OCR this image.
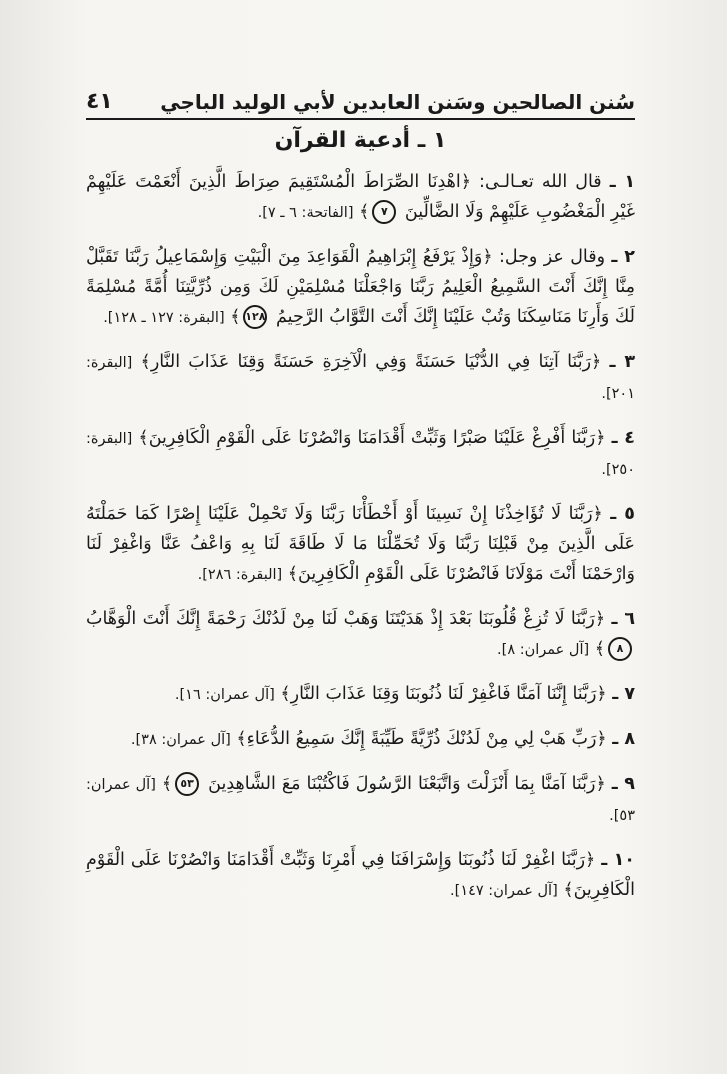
سُنن الصالحين وسَنن العابدين لأبي الوليد الباجي
٤١
١ ـ أدعية القرآن

١ ـ قال الله تعـالـى: ﴿اهْدِنَا الصِّرَاطَ الْمُسْتَقِيمَ صِرَاطَ الَّذِينَ أَنْعَمْتَ عَلَيْهِمْ غَيْرِ الْمَغْضُوبِ عَلَيْهِمْ وَلَا الضَّالِّينَ ٧﴾ [الفاتحة: ٦ ـ ٧].

٢ ـ وقال عز وجل: ﴿وَإِذْ يَرْفَعُ إِبْرَاهِيمُ الْقَوَاعِدَ مِنَ الْبَيْتِ وَإِسْمَاعِيلُ رَبَّنَا تَقَبَّلْ مِنَّا إِنَّكَ أَنْتَ السَّمِيعُ الْعَلِيمُ رَبَّنَا وَاجْعَلْنَا مُسْلِمَيْنِ لَكَ وَمِن ذُرِّيَّتِنَا أُمَّةً مُسْلِمَةً لَكَ وَأَرِنَا مَنَاسِكَنَا وَتُبْ عَلَيْنَا إِنَّكَ أَنْتَ التَّوَّابُ الرَّحِيمُ ١٢٨﴾ [البقرة: ١٢٧ ـ ١٢٨].

٣ ـ ﴿رَبَّنَا آتِنَا فِي الدُّنْيَا حَسَنَةً وَفِي الْآخِرَةِ حَسَنَةً وَقِنَا عَذَابَ النَّارِ﴾ [البقرة: ٢٠١].

٤ ـ ﴿رَبَّنَا أَفْرِغْ عَلَيْنَا صَبْرًا وَثَبِّتْ أَقْدَامَنَا وَانْصُرْنَا عَلَى الْقَوْمِ الْكَافِرِينَ﴾ [البقرة: ٢٥٠].

٥ ـ ﴿رَبَّنَا لَا تُؤَاخِذْنَا إِنْ نَسِينَا أَوْ أَخْطَأْنَا رَبَّنَا وَلَا تَحْمِلْ عَلَيْنَا إِصْرًا كَمَا حَمَلْتَهُ عَلَى الَّذِينَ مِنْ قَبْلِنَا رَبَّنَا وَلَا تُحَمِّلْنَا مَا لَا طَاقَةَ لَنَا بِهِ وَاعْفُ عَنَّا وَاغْفِرْ لَنَا وَارْحَمْنَا أَنْتَ مَوْلَانَا فَانْصُرْنَا عَلَى الْقَوْمِ الْكَافِرِينَ﴾ [البقرة: ٢٨٦].

٦ ـ ﴿رَبَّنَا لَا تُزِغْ قُلُوبَنَا بَعْدَ إِذْ هَدَيْتَنَا وَهَبْ لَنَا مِنْ لَدُنْكَ رَحْمَةً إِنَّكَ أَنْتَ الْوَهَّابُ ٨﴾ [آل عمران: ٨].

٧ ـ ﴿رَبَّنَا إِنَّنَا آمَنَّا فَاغْفِرْ لَنَا ذُنُوبَنَا وَقِنَا عَذَابَ النَّارِ﴾ [آل عمران: ١٦].

٨ ـ ﴿رَبِّ هَبْ لِي مِنْ لَدُنْكَ ذُرِّيَّةً طَيِّبَةً إِنَّكَ سَمِيعُ الدُّعَاءِ﴾ [آل عمران: ٣٨].

٩ ـ ﴿رَبَّنَا آمَنَّا بِمَا أَنْزَلْتَ وَاتَّبَعْنَا الرَّسُولَ فَاكْتُبْنَا مَعَ الشَّاهِدِينَ ٥٣﴾ [آل عمران: ٥٣].

١٠ ـ ﴿رَبَّنَا اغْفِرْ لَنَا ذُنُوبَنَا وَإِسْرَافَنَا فِي أَمْرِنَا وَثَبِّتْ أَقْدَامَنَا وَانْصُرْنَا عَلَى الْقَوْمِ الْكَافِرِينَ﴾ [آل عمران: ١٤٧].
